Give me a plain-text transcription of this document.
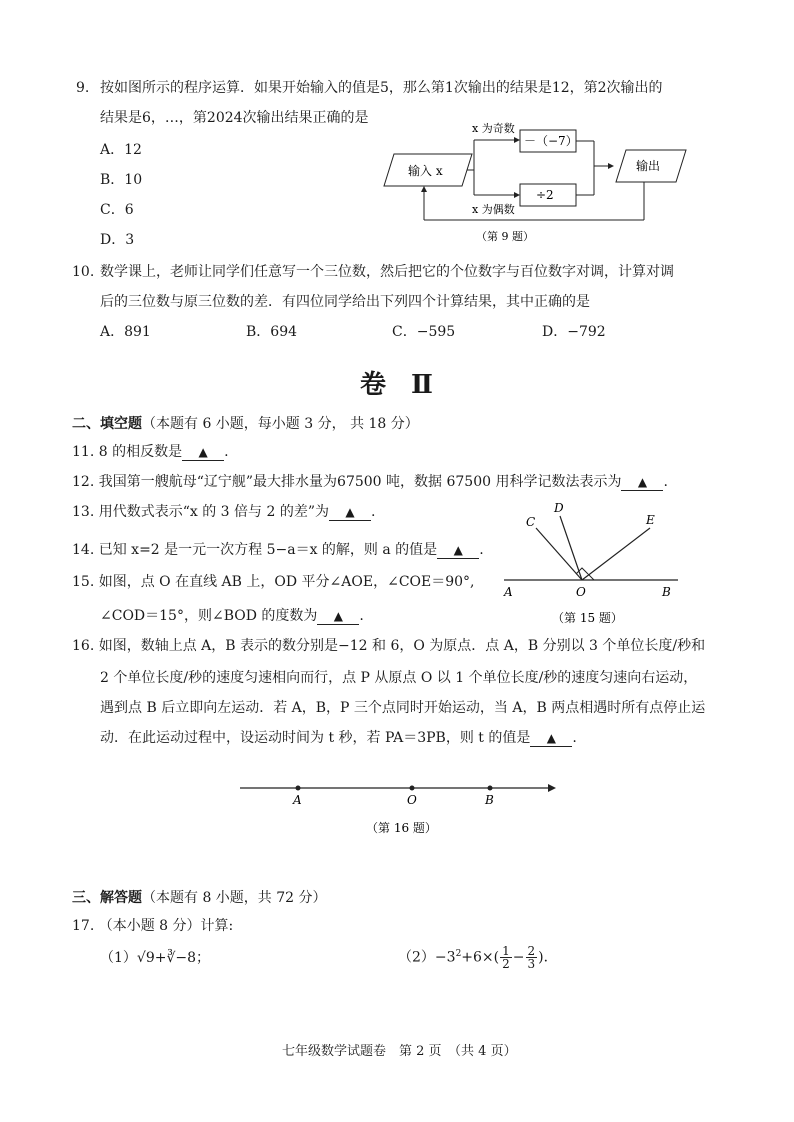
9. 按如图所示的程序运算．如果开始输入的值是5，那么第1次输出的结果是12，第2次输出的
结果是6，…，第2024次输出结果正确的是
A．12
B．10
C．6
D．3
输入 x
－（−7）
x 为奇数
÷2
x 为偶数
输出
（第 9 题）
10. 数学课上，老师让同学们任意写一个三位数，然后把它的个位数字与百位数字对调，计算对调
后的三位数与原三位数的差．有四位同学给出下列四个计算结果，其中正确的是
A．891	B．694	C．−595	D．−792
卷 Ⅱ
二、填空题（本题有 6 小题，每小题 3 分， 共 18 分）
11. 8 的相反数是 ▲ .
12. 我国第一艘航母“辽宁舰”最大排水量为67500 吨，数据 67500 用科学记数法表示为 ▲ .
13. 用代数式表示“x 的 3 倍与 2 的差”为 ▲ .
14. 已知 x=2 是一元一次方程 5−a＝x 的解，则 a 的值是 ▲ .
15. 如图，点 O 在直线 AB 上，OD 平分∠AOE，∠COE＝90°,
∠COD＝15°，则∠BOD 的度数为 ▲ .
A	O	B
C
D
E
（第 15 题）
16. 如图，数轴上点 A，B 表示的数分别是−12 和 6，O 为原点．点 A，B 分别以 3 个单位长度/秒和
2 个单位长度/秒的速度匀速相向而行，点 P 从原点 O 以 1 个单位长度/秒的速度匀速向右运动，
遇到点 B 后立即向左运动．若 A，B，P 三个点同时开始运动，当 A，B 两点相遇时所有点停止运
动．在此运动过程中，设运动时间为 t 秒，若 PA＝3PB，则 t 的值是 ▲ .
A	O	B
（第 16 题）
三、解答题（本题有 8 小题，共 72 分）
17. （本小题 8 分）计算:
（1）√9+∛−8；	$(2)-3^2+6\times( \frac{1}{2} - \frac{2}{3}$ )．
七年级数学试题卷　第 2 页　（共 4 页）
